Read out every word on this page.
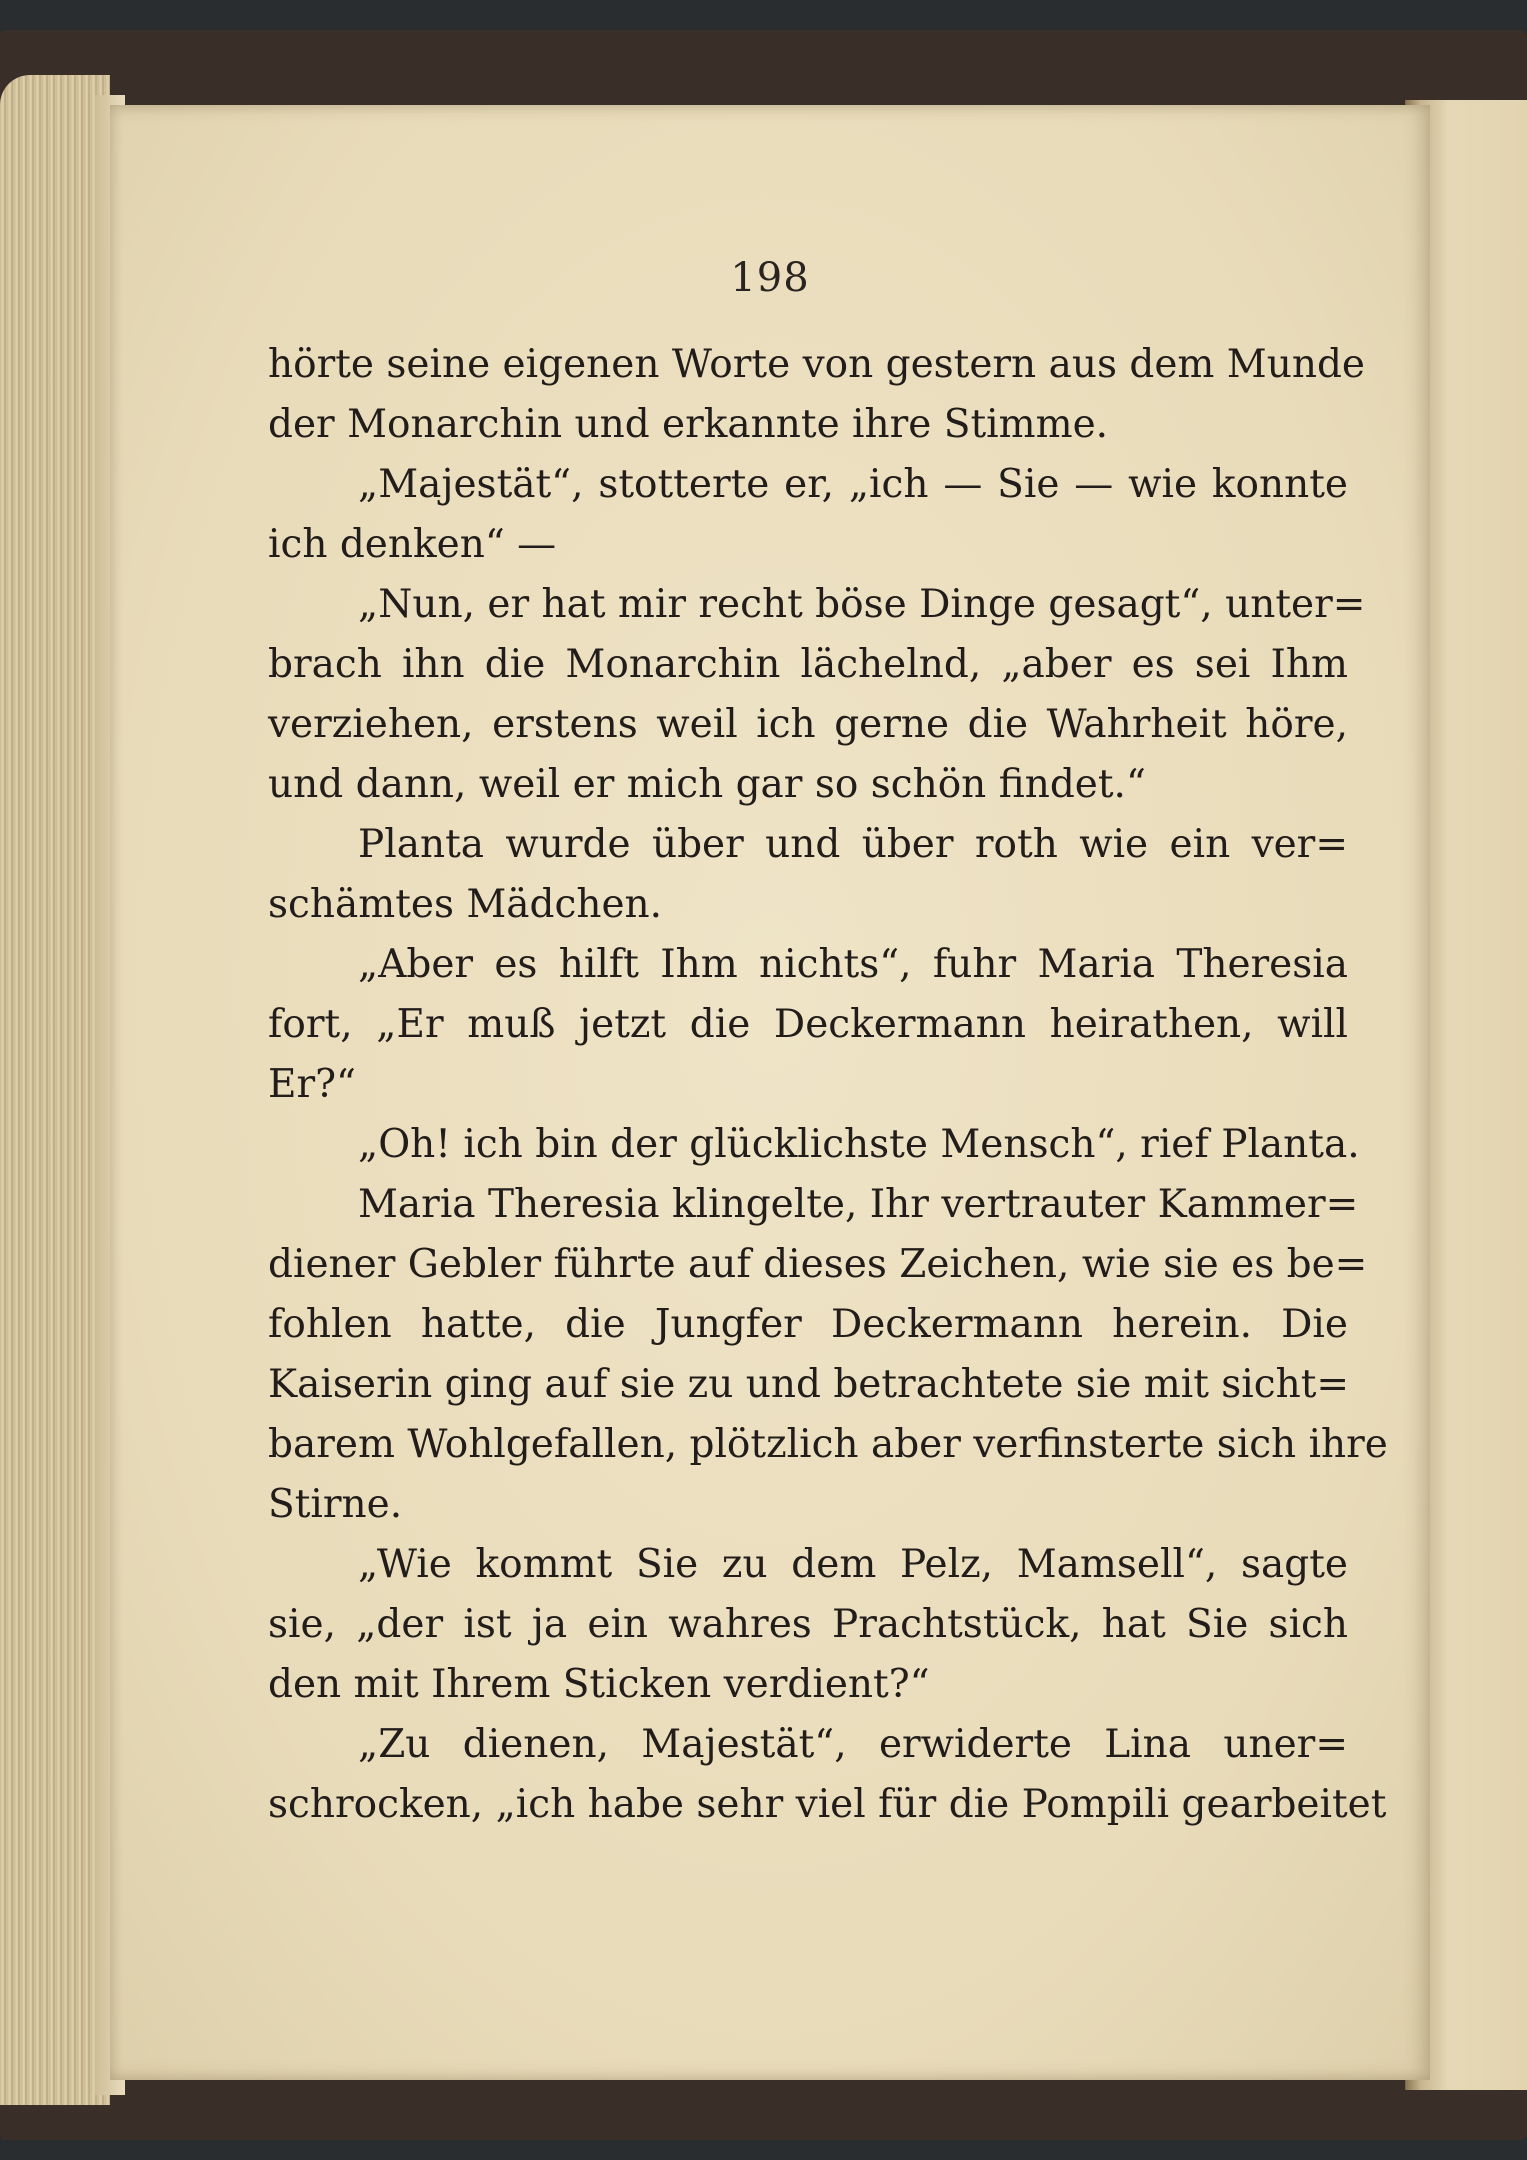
198
hörte seine eigenen Worte von gestern aus dem Munde
der Monarchin und erkannte ihre Stimme.
„Majestät“, stotterte er, „ich — Sie — wie konnte
ich denken“ —
„Nun, er hat mir recht böse Dinge gesagt“, unter=
brach ihn die Monarchin lächelnd, „aber es sei Ihm
verziehen, erstens weil ich gerne die Wahrheit höre,
und dann, weil er mich gar so schön findet.“
Planta wurde über und über roth wie ein ver=
schämtes Mädchen.
„Aber es hilft Ihm nichts“, fuhr Maria Theresia
fort, „Er muß jetzt die Deckermann heirathen, will
Er?“
„Oh! ich bin der glücklichste Mensch“, rief Planta.
Maria Theresia klingelte, Ihr vertrauter Kammer=
diener Gebler führte auf dieses Zeichen, wie sie es be=
fohlen hatte, die Jungfer Deckermann herein. Die
Kaiserin ging auf sie zu und betrachtete sie mit sicht=
barem Wohlgefallen, plötzlich aber verfinsterte sich ihre
Stirne.
„Wie kommt Sie zu dem Pelz, Mamsell“, sagte
sie, „der ist ja ein wahres Prachtstück, hat Sie sich
den mit Ihrem Sticken verdient?“
„Zu dienen, Majestät“, erwiderte Lina uner=
schrocken, „ich habe sehr viel für die Pompili gearbeitet
